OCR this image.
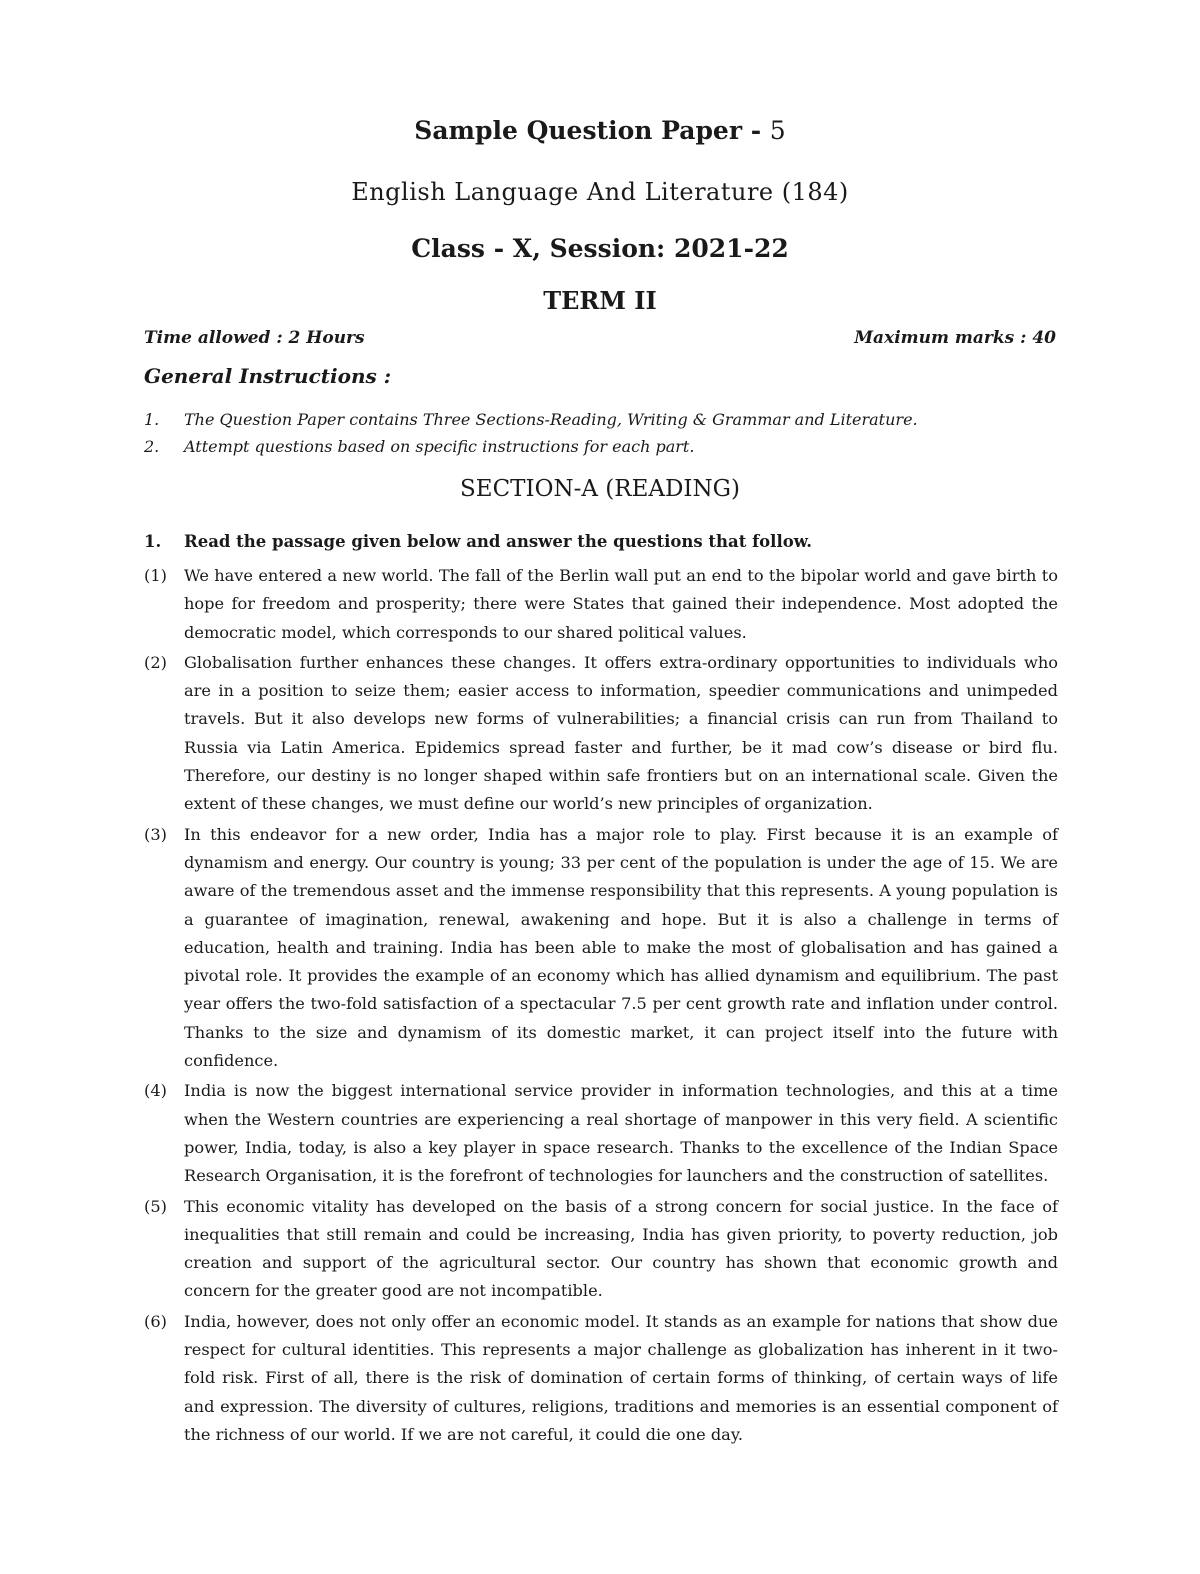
Sample Question Paper - 5
English Language And Literature (184)
Class - X, Session: 2021-22
TERM II
Time allowed : 2 Hours	Maximum marks : 40
General Instructions :
1.	The Question Paper contains Three Sections-Reading, Writing & Grammar and Literature.
2.	Attempt questions based on specific instructions for each part.
SECTION-A (READING)
1.	Read the passage given below and answer the questions that follow.
(1)	We have entered a new world. The fall of the Berlin wall put an end to the bipolar world and gave birth to hope for freedom and prosperity; there were States that gained their independence. Most adopted the democratic model, which corresponds to our shared political values.
(2)	Globalisation further enhances these changes. It offers extra-ordinary opportunities to individuals who are in a position to seize them; easier access to information, speedier communications and unimpeded travels. But it also develops new forms of vulnerabilities; a financial crisis can run from Thailand to Russia via Latin America. Epidemics spread faster and further, be it mad cow’s disease or bird flu. Therefore, our destiny is no longer shaped within safe frontiers but on an international scale. Given the extent of these changes, we must define our world’s new principles of organization.
(3)	In this endeavor for a new order, India has a major role to play. First because it is an example of dynamism and energy. Our country is young; 33 per cent of the population is under the age of 15. We are aware of the tremendous asset and the immense responsibility that this represents. A young population is a guarantee of imagination, renewal, awakening and hope. But it is also a challenge in terms of education, health and training. India has been able to make the most of globalisation and has gained a pivotal role. It provides the example of an economy which has allied dynamism and equilibrium. The past year offers the two-fold satisfaction of a spectacular 7.5 per cent growth rate and inflation under control. Thanks to the size and dynamism of its domestic market, it can project itself into the future with confidence.
(4)	India is now the biggest international service provider in information technologies, and this at a time when the Western countries are experiencing a real shortage of manpower in this very field. A scientific power, India, today, is also a key player in space research. Thanks to the excellence of the Indian Space Research Organisation, it is the forefront of technologies for launchers and the construction of satellites.
(5)	This economic vitality has developed on the basis of a strong concern for social justice. In the face of inequalities that still remain and could be increasing, India has given priority, to poverty reduction, job creation and support of the agricultural sector. Our country has shown that economic growth and concern for the greater good are not incompatible.
(6)	India, however, does not only offer an economic model. It stands as an example for nations that show due respect for cultural identities. This represents a major challenge as globalization has inherent in it two-fold risk. First of all, there is the risk of domination of certain forms of thinking, of certain ways of life and expression. The diversity of cultures, religions, traditions and memories is an essential component of the richness of our world. If we are not careful, it could die one day.
